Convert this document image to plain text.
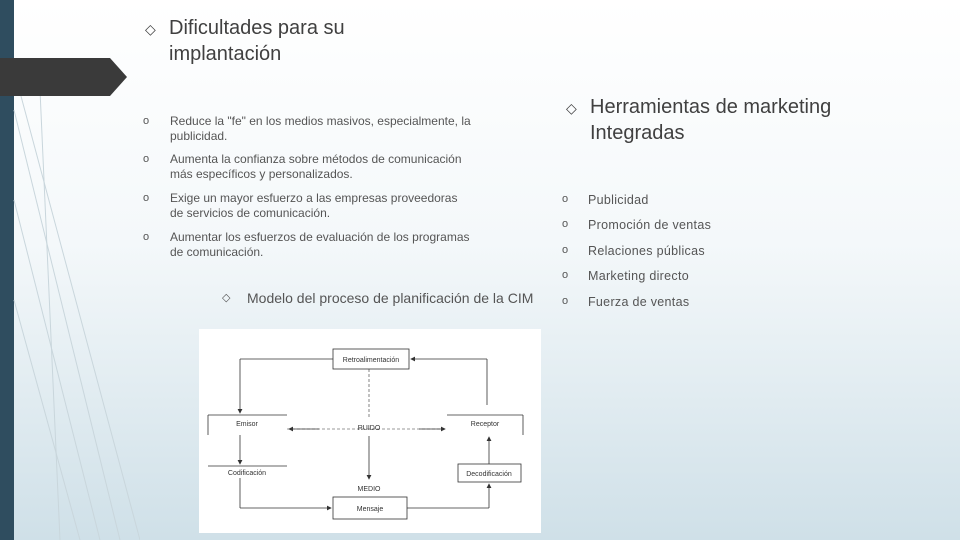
◇ Dificultades para su
implantación
o Reduce la "fe" en los medios masivos, especialmente, la
publicidad.
o Aumenta la confianza sobre métodos de comunicación
más específicos y personalizados.
o Exige un mayor esfuerzo a las empresas proveedoras
de servicios de comunicación.
o Aumentar los esfuerzos de evaluación de los programas
de comunicación.
◇ Modelo del proceso de planificación de la CIM
Retroalimentación
Emisor	Receptor
RUIDO
Codificación	Decodificación
MEDIO
Mensaje
◇ Herramientas de marketing
Integradas
o Publicidad
o Promoción de ventas
o Relaciones públicas
o Marketing directo
o Fuerza de ventas
